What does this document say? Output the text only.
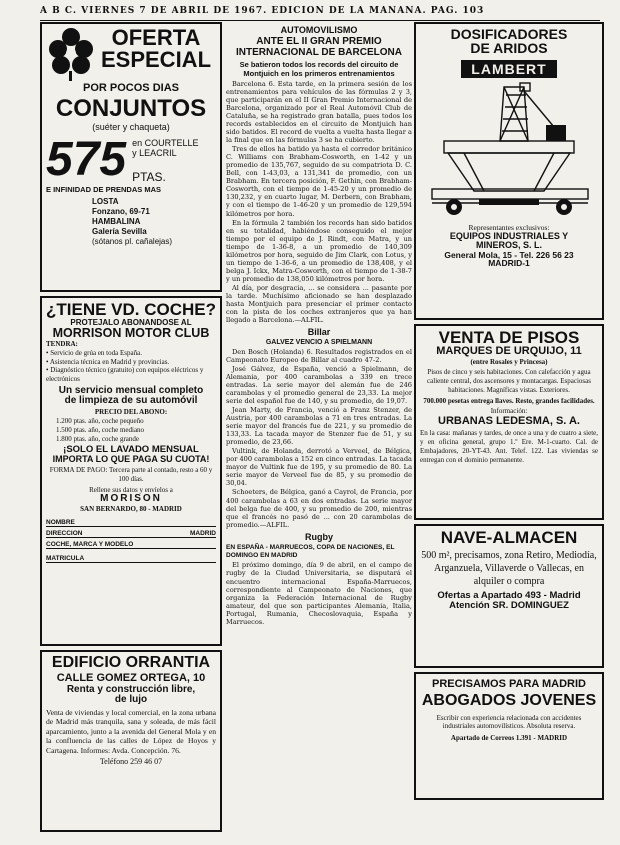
A B C. VIERNES 7 DE ABRIL DE 1967. EDICION DE LA MAÑANA. PAG. 103
OFERTA
ESPECIAL
POR POCOS DIAS
CONJUNTOS
(suéter y chaqueta)
575 en COURTELLE
y LEACRIL
PTAS.
E INFINIDAD DE PRENDAS MAS
LOSTA
Fonzano, 69-71
HAMBALINA
Galería Sevilla
(sótanos pl. cañalejas)
¿TIENE VD. COCHE?
PROTEJALO ABONANDOSE AL
MORRISON MOTOR CLUB
TENDRA:
• Servicio de grúa en toda España.
• Asistencia técnica en Madrid y provincias.
• Diagnóstico técnico (gratuito) con equipos eléctricos y electrónicos
Un servicio mensual completo
de limpieza de su automóvil
PRECIO DEL ABONO:
1.200 ptas. año, coche pequeño
1.500 ptas. año, coche mediano
1.800 ptas. año, coche grande
¡SOLO EL LAVADO MENSUAL
IMPORTA LO QUE PAGA SU CUOTA!
FORMA DE PAGO: Tercera parte al contado, resto a 60 y 100 días.
Rellene sus datos y envíelos a
MORISON
SAN BERNARDO, 80 - MADRID
NOMBRE
DIRECCION	MADRID
COCHE, MARCA Y MODELO
MATRICULA
EDIFICIO ORRANTIA
CALLE GOMEZ ORTEGA, 10
Renta y construcción libre,
de lujo
Venta de viviendas y local comercial, en la zona urbana de Madrid más tranquila, sana y soleada, de más fácil aparcamiento, junto a la avenida del General Mola y en la confluencia de las calles de López de Hoyos y Cartagena. Informes: Avda. Concepción. 76.
Teléfono 259 46 07
AUTOMOVILISMO
ANTE EL II GRAN PREMIO INTERNACIONAL DE BARCELONA
Se batieron todos los records del circuito de Montjuich en los primeros entrenamientos

Barcelona 6. Esta tarde, en la primera sesión de los entrenamientos para vehículos de las fórmulas 2 y 3, que participarán en el II Gran Premio Internacional de Barcelona, organizado por el Real Automóvil Club de Cataluña, se ha registrado gran batalla, pues todos los records establecidos en el circuito de Montjuich han sido batidos. El record de vuelta a vuelta hasta llegar a la final que en las fórmulas 3 se ha cubierto.

Tres de ellos ha batido ya hasta el corredor británico C. Williams con Brabham-Cosworth, en 1-42 y un promedio de 135,767, seguido de su compatriota D. C. Bell, con 1-43,03, a 131,341 de promedio, con un Brabham. En tercera posición, F. Gethin, con Brabham-Cosworth, con el tiempo de 1-45-20 y un promedio de 130,232, y en cuarto lugar, M. Derbern, con Brabham, y con el tiempo de 1-46-20 y un promedio de 129,594 kilómetros por hora.

En la fórmula 2 también los records han sido batidos en su totalidad, habiéndose conseguido el mejor tiempo por el equipo de J. Rindt, con Matra, y un tiempo de 1-36-8, a un promedio de 140,309 kilómetros por hora, seguido de Jim Clark, con Lotus, y un tiempo de 1-36-6, a un promedio de 138,408, y el belga J. Ickx, Matra-Cosworth, con el tiempo de 1-38-7 y un promedio de 138,050 kilómetros por hora.

Al día, por desgracia, ... se considera ... pasante por la tarde. Muchísimo aficionado se han desplazado hasta Montjuich para presenciar el primer contacto con la pista de los coches extranjeros que ya han llegado a Barcelona.—ALFIL.

Billar
GALVEZ VENCIO A SPIELMANN

Den Bosch (Holanda) 6. Resultados registrados en el Campeonato Europeo de Billar al cuadro 47-2.

José Gálvez, de España, venció a Spielmann, de Alemania, por 400 carambolas a 339 en trece entradas. La serie mayor del alemán fue de 246 carambolas y el promedio general de 23,33. La mejor serie del español fue de 140, y su promedio, de 19,07.

Jean Marty, de Francia, venció a Franz Stenzer, de Austria, por 400 carambolas a 71 en tres entradas. La serie mayor del francés fue de 221, y su promedio de 133,33. La tacada mayor de Stenzer fue de 51, y su promedio, de 23,66.

Vultink, de Holanda, derrotó a Verveel, de Bélgica, por 400 carambolas a 152 en cinco entradas. La tacada mayor de Vultink fue de 195, y su promedio de 80. La serie mayor de Verveel fue de 85, y su promedio de 30,04.

Schoeters, de Bélgica, ganó a Cayrol, de Francia, por 400 carambolas a 63 en dos entradas. La serie mayor del belga fue de 400, y su promedio de 200, mientras que el francés no pasó de ... con 20 carambolas de promedio.—ALFIL.

Rugby
EN ESPAÑA - MARRUECOS, COPA DE NACIONES, EL DOMINGO EN MADRID

El próximo domingo, día 9 de abril, en el campo de rugby de la Ciudad Universitaria, se disputará el encuentro internacional España-Marruecos, correspondiente al Campeonato de Naciones, que organiza la Federación Internacional de Rugby amateur, del que son participantes Alemania, Italia, Portugal, Rumania, Checoslovaquia, España y Marruecos.

DOSIFICADORES
DE ARIDOS
LAMBERT
Representantes exclusivos:
EQUIPOS INDUSTRIALES Y
MINEROS, S. L.
General Mola, 15 - Tel. 226 56 23
MADRID-1
VENTA DE PISOS
MARQUES DE URQUIJO, 11
(entre Rosales y Princesa)
Pisos de cinco y seis habitaciones. Con calefacción y agua caliente central, dos ascensores y montacargas. Espaciosas habitaciones. Magníficas vistas. Exteriores.
700.000 pesetas entrega llaves. Resto, grandes facilidades.
Información:
URBANAS LEDESMA, S. A.
En la casa: mañanas y tardes, de once a una y de cuatro a siete, y en oficina general, grupo 1.º Ere. M-1-cuarto. Cal. de Embajadores, 20-YT-43. Ant. Telef. 122. Las viviendas se entregan con el dominio permanente.
NAVE-ALMACEN
500 m², precisamos, zona Retiro, Mediodía, Arganzuela, Villaverde o Vallecas, en alquiler o compra
Ofertas a Apartado 493 - Madrid
Atención SR. DOMINGUEZ
PRECISAMOS PARA MADRID
ABOGADOS JOVENES
Escribir con experiencia relacionada con accidentes industriales automovilísticos. Absoluta reserva.
Apartado de Correos 1.391 - MADRID
